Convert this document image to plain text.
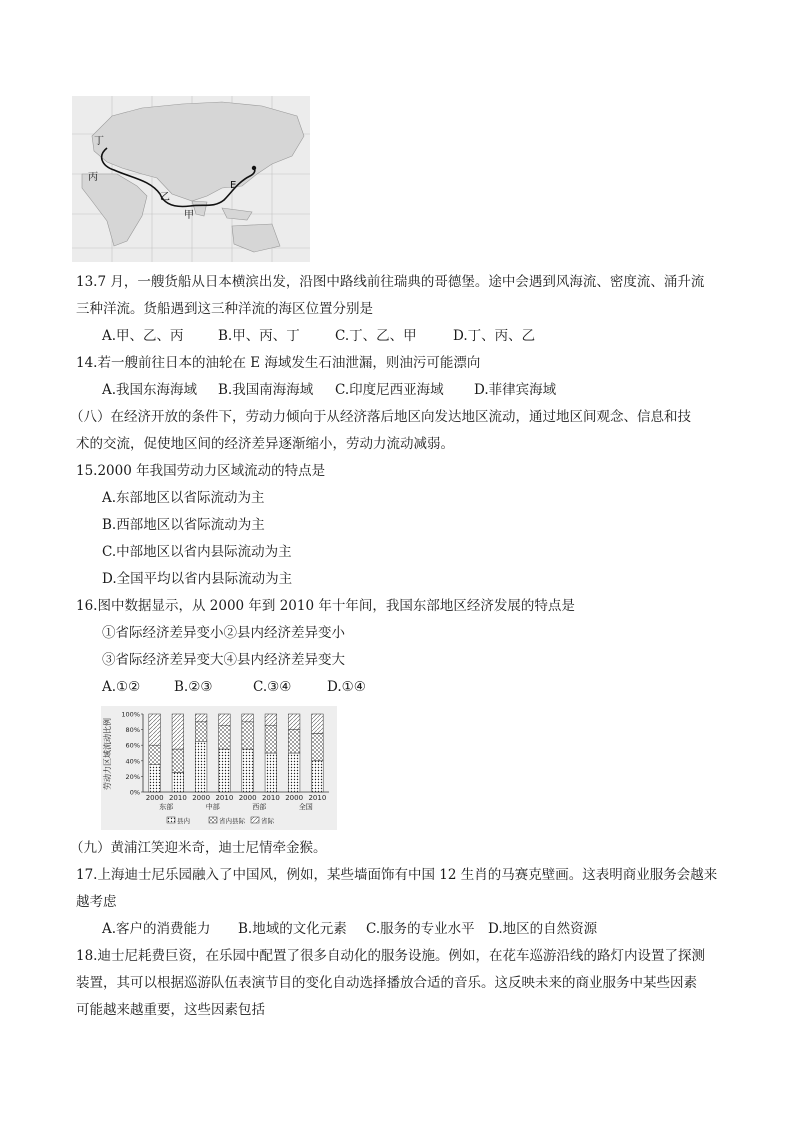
丁
丙
乙
甲
E
13.7 月，一艘货船从日本横滨出发，沿图中路线前往瑞典的哥德堡。途中会遇到风海流、密度流、涌升流
三种洋流。货船遇到这三种洋流的海区位置分别是
A.甲、乙、丙	B.甲、丙、丁	C.丁、乙、甲	D.丁、丙、乙
14.若一艘前往日本的油轮在 E 海域发生石油泄漏，则油污可能漂向
A.我国东海海域 B.我国南海海域 C.印度尼西亚海域 D.菲律宾海域
（八）在经济开放的条件下，劳动力倾向于从经济落后地区向发达地区流动，通过地区间观念、信息和技
术的交流，促使地区间的经济差异逐渐缩小，劳动力流动减弱。
15.2000 年我国劳动力区域流动的特点是
A.东部地区以省际流动为主
B.西部地区以省际流动为主
C.中部地区以省内县际流动为主
D.全国平均以省内县际流动为主
16.图中数据显示，从 2000 年到 2010 年十年间，我国东部地区经济发展的特点是
①省际经济差异变小②县内经济差异变小
③省际经济差异变大④县内经济差异变大
A.①②	B.②③	C.③④	D.①④
劳动力区域流动比例
0%
20%
40%
60%
80%
100%
2000 2010 2000 2010 2000 2010 2000 2010
东部	中部	西部	全国
县内	省内县际 省际
（九）黄浦江笑迎米奇，迪士尼情牵金猴。
17.上海迪士尼乐园融入了中国风，例如，某些墙面饰有中国 12 生肖的马赛克壁画。这表明商业服务会越来
越考虑
A.客户的消费能力 B.地域的文化元素 C.服务的专业水平 D.地区的自然资源
18.迪士尼耗费巨资，在乐园中配置了很多自动化的服务设施。例如，在花车巡游沿线的路灯内设置了探测
装置，其可以根据巡游队伍表演节目的变化自动选择播放合适的音乐。这反映未来的商业服务中某些因素
可能越来越重要，这些因素包括
